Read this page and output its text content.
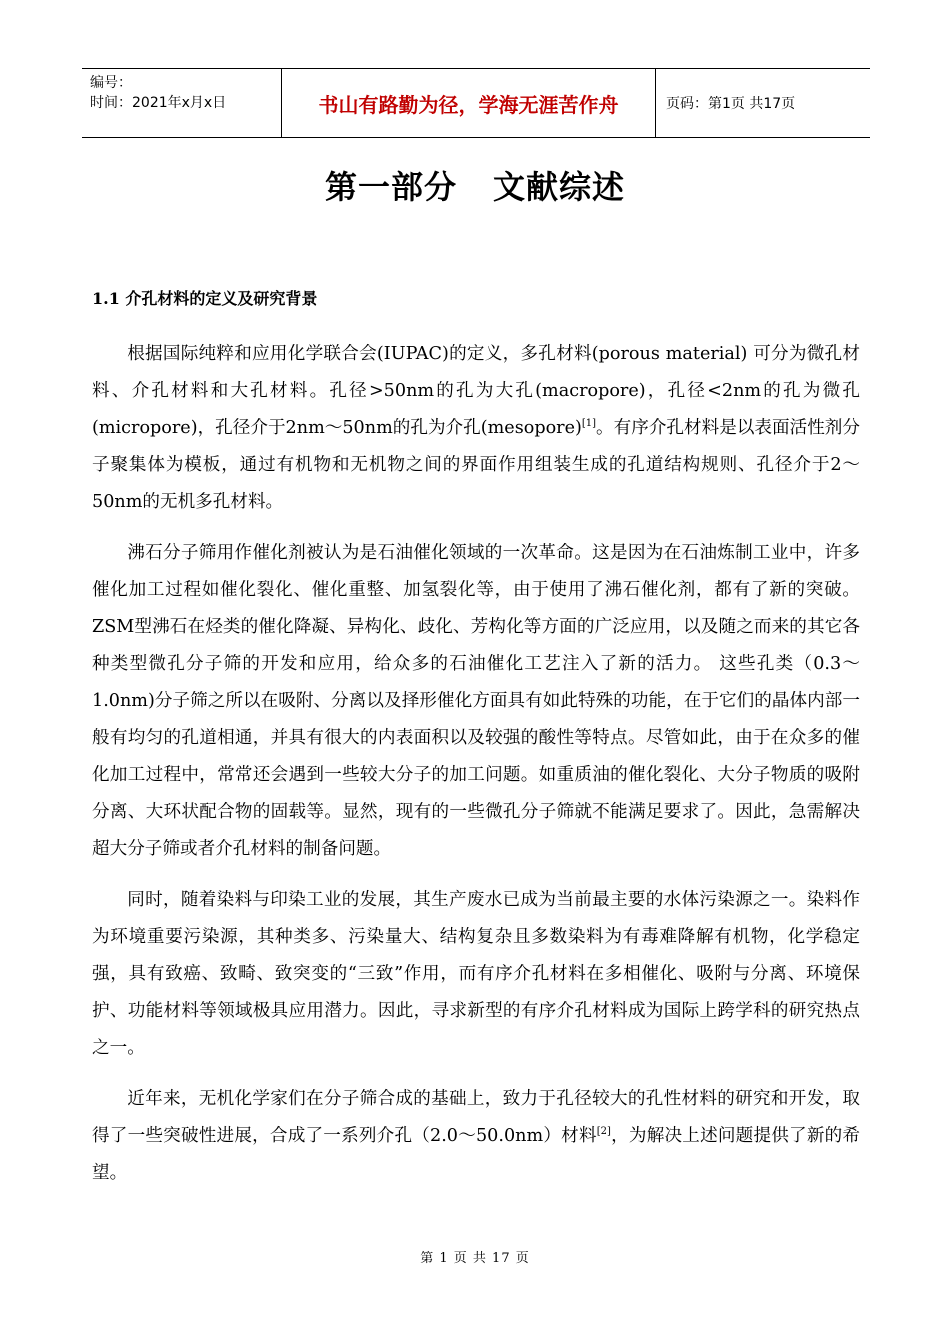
编号：
时间：2021年x月x日	书山有路勤为径，学海无涯苦作舟	页码：第1页 共17页
第一部分 文献综述
1.1 介孔材料的定义及研究背景

根据国际纯粹和应用化学联合会(IUPAC)的定义，多孔材料(porous material) 可分为微孔材料、介孔材料和大孔材料。孔径>50nm的孔为大孔(macropore)，孔径<2nm的孔为微孔(micropore)，孔径介于2nm～50nm的孔为介孔(mesopore)[1]。有序介孔材料是以表面活性剂分子聚集体为模板，通过有机物和无机物之间的界面作用组装生成的孔道结构规则、孔径介于2～50nm的无机多孔材料。

沸石分子筛用作催化剂被认为是石油催化领域的一次革命。这是因为在石油炼制工业中，许多催化加工过程如催化裂化、催化重整、加氢裂化等，由于使用了沸石催化剂，都有了新的突破。ZSM型沸石在烃类的催化降凝、异构化、歧化、芳构化等方面的广泛应用，以及随之而来的其它各种类型微孔分子筛的开发和应用，给众多的石油催化工艺注入了新的活力。 这些孔类（0.3～1.0nm)分子筛之所以在吸附、分离以及择形催化方面具有如此特殊的功能，在于它们的晶体内部一般有均匀的孔道相通，并具有很大的内表面积以及较强的酸性等特点。尽管如此，由于在众多的催化加工过程中，常常还会遇到一些较大分子的加工问题。如重质油的催化裂化、大分子物质的吸附分离、大环状配合物的固载等。显然，现有的一些微孔分子筛就不能满足要求了。因此，急需解决超大分子筛或者介孔材料的制备问题。

同时，随着染料与印染工业的发展，其生产废水已成为当前最主要的水体污染源之一。染料作为环境重要污染源，其种类多、污染量大、结构复杂且多数染料为有毒难降解有机物，化学稳定强，具有致癌、致畸、致突变的“三致”作用，而有序介孔材料在多相催化、吸附与分离、环境保护、功能材料等领域极具应用潜力。因此，寻求新型的有序介孔材料成为国际上跨学科的研究热点之一。

近年来，无机化学家们在分子筛合成的基础上，致力于孔径较大的孔性材料的研究和开发，取得了一些突破性进展，合成了一系列介孔（2.0～50.0nm）材料[2]，为解决上述问题提供了新的希望。

第 1 页 共 17 页
